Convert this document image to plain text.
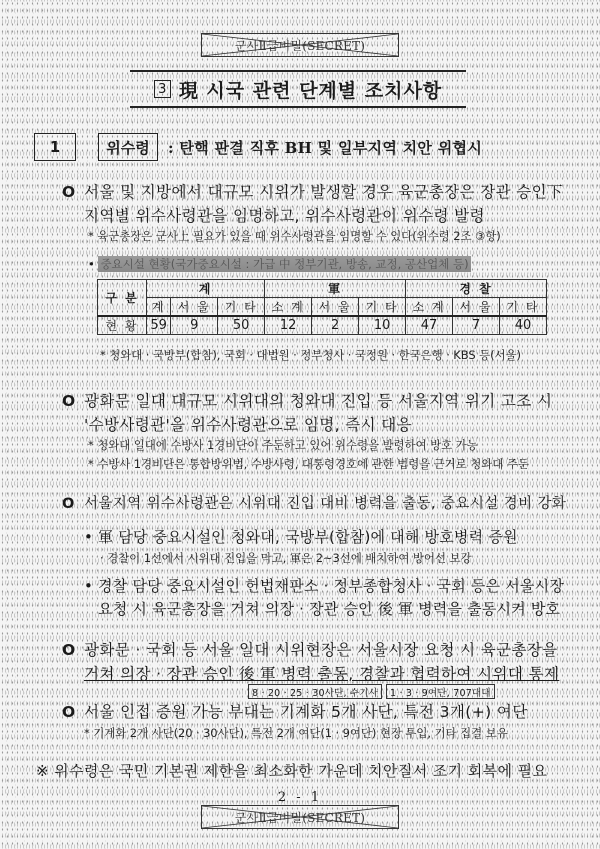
군사Ⅱ급비밀(SECRET)
3 現 시국 관련 단계별 조치사항
1	위수령	: 탄핵 판결 직후 BH 및 일부지역 치안 위협시
O 서울 및 지방에서 대규모 시위가 발생할 경우 육군총장은 장관 승인下
지역별 위수사령관을 임명하고, 위수사령관이 위수령 발령
* 육군총장은 군사上 필요가 있을 때 위수사령관을 임명할 수 있다(위수령 2조 ③항)
• 중요시설 현황(국가중요시설 : 가급 中 정부기관, 방송, 교정, 공산업체 등)
구 분	계			軍			경 찰		
	계	서 울	기 타	소 계	서 울	기 타	소 계	서 울	기 타
현 황	59	9	50	12	2	10	47	7	40
* 청와대 · 국방부(합참), 국회 · 대법원 · 정부청사 · 국정원 · 한국은행 · KBS 등(서울)
O 광화문 일대 대규모 시위대의 청와대 진입 등 서울지역 위기 고조 시
'수방사령관'을 위수사령관으로 임명, 즉시 대응
* 청와대 일대에 수방사 1경비단이 주둔하고 있어 위수령을 발령하여 방호 가능
* 수방사 1경비단은 통합방위법, 수방사령, 대통령경호에 관한 법령을 근거로 청와대 주둔
O 서울지역 위수사령관은 시위대 진입 대비 병력을 출동, 중요시설 경비 강화
• 軍 담당 중요시설인 청와대, 국방부(합참)에 대해 방호병력 증원
· 경찰이 1선에서 시위대 진입을 막고, 軍은 2~3선에 배치하여 방어선 보강
• 경찰 담당 중요시설인 헌법재판소 · 정부종합청사 · 국회 등은 서울시장
요청 시 육군총장을 거쳐 의장 · 장관 승인 後 軍 병력을 출동시켜 방호
O 광화문 · 국회 등 서울 일대 시위현장은 서울시장 요청 시 육군총장을
거쳐 의장 · 장관 승인 後 軍 병력 출동, 경찰과 협력하여 시위대 통제
8 · 20 · 25 · 30사단, 수기사	1 · 3 · 9여단, 707대대
O 서울 인접 증원 가능 부대는 기계화 5개 사단, 특전 3개(+) 여단
* 기계화 2개 사단(20 · 30사단), 특전 2개 여단(1 · 9여단) 현장 투입, 기타 집결 보유
※ 위수령은 국민 기본권 제한을 최소화한 가운데 치안질서 조기 회복에 필요
2 - 1
군사Ⅱ급비밀(SECRET)
